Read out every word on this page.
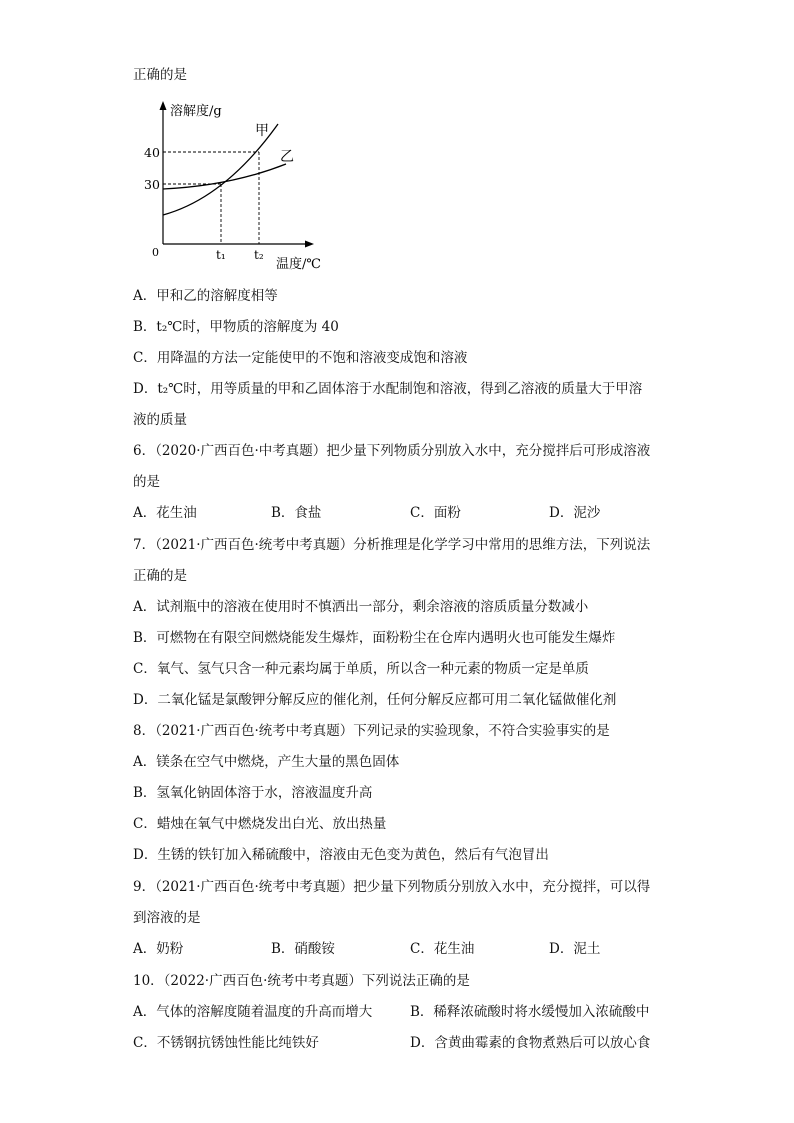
正确的是
溶解度/g
40
30
0	t₁ t₂
温度/℃
甲
乙
A．甲和乙的溶解度相等
B．t₂℃时，甲物质的溶解度为 40
C．用降温的方法一定能使甲的不饱和溶液变成饱和溶液
D．t₂℃时，用等质量的甲和乙固体溶于水配制饱和溶液，得到乙溶液的质量大于甲溶
液的质量
6．（2020·广西百色·中考真题）把少量下列物质分别放入水中，充分搅拌后可形成溶液
的是
A．花生油	B．食盐	C．面粉	D．泥沙
7．（2021·广西百色·统考中考真题）分析推理是化学学习中常用的思维方法，下列说法
正确的是
A．试剂瓶中的溶液在使用时不慎洒出一部分，剩余溶液的溶质质量分数减小
B．可燃物在有限空间燃烧能发生爆炸，面粉粉尘在仓库内遇明火也可能发生爆炸
C．氧气、氢气只含一种元素均属于单质，所以含一种元素的物质一定是单质
D．二氧化锰是氯酸钾分解反应的催化剂，任何分解反应都可用二氧化锰做催化剂
8．（2021·广西百色·统考中考真题）下列记录的实验现象，不符合实验事实的是
A．镁条在空气中燃烧，产生大量的黑色固体
B．氢氧化钠固体溶于水，溶液温度升高
C．蜡烛在氧气中燃烧发出白光、放出热量
D．生锈的铁钉加入稀硫酸中，溶液由无色变为黄色，然后有气泡冒出
9．（2021·广西百色·统考中考真题）把少量下列物质分别放入水中，充分搅拌，可以得
到溶液的是
A．奶粉	B．硝酸铵	C．花生油	D．泥土
10．（2022·广西百色·统考中考真题）下列说法正确的是
A．气体的溶解度随着温度的升高而增大	B．稀释浓硫酸时将水缓慢加入浓硫酸中
C．不锈钢抗锈蚀性能比纯铁好	D．含黄曲霉素的食物煮熟后可以放心食
